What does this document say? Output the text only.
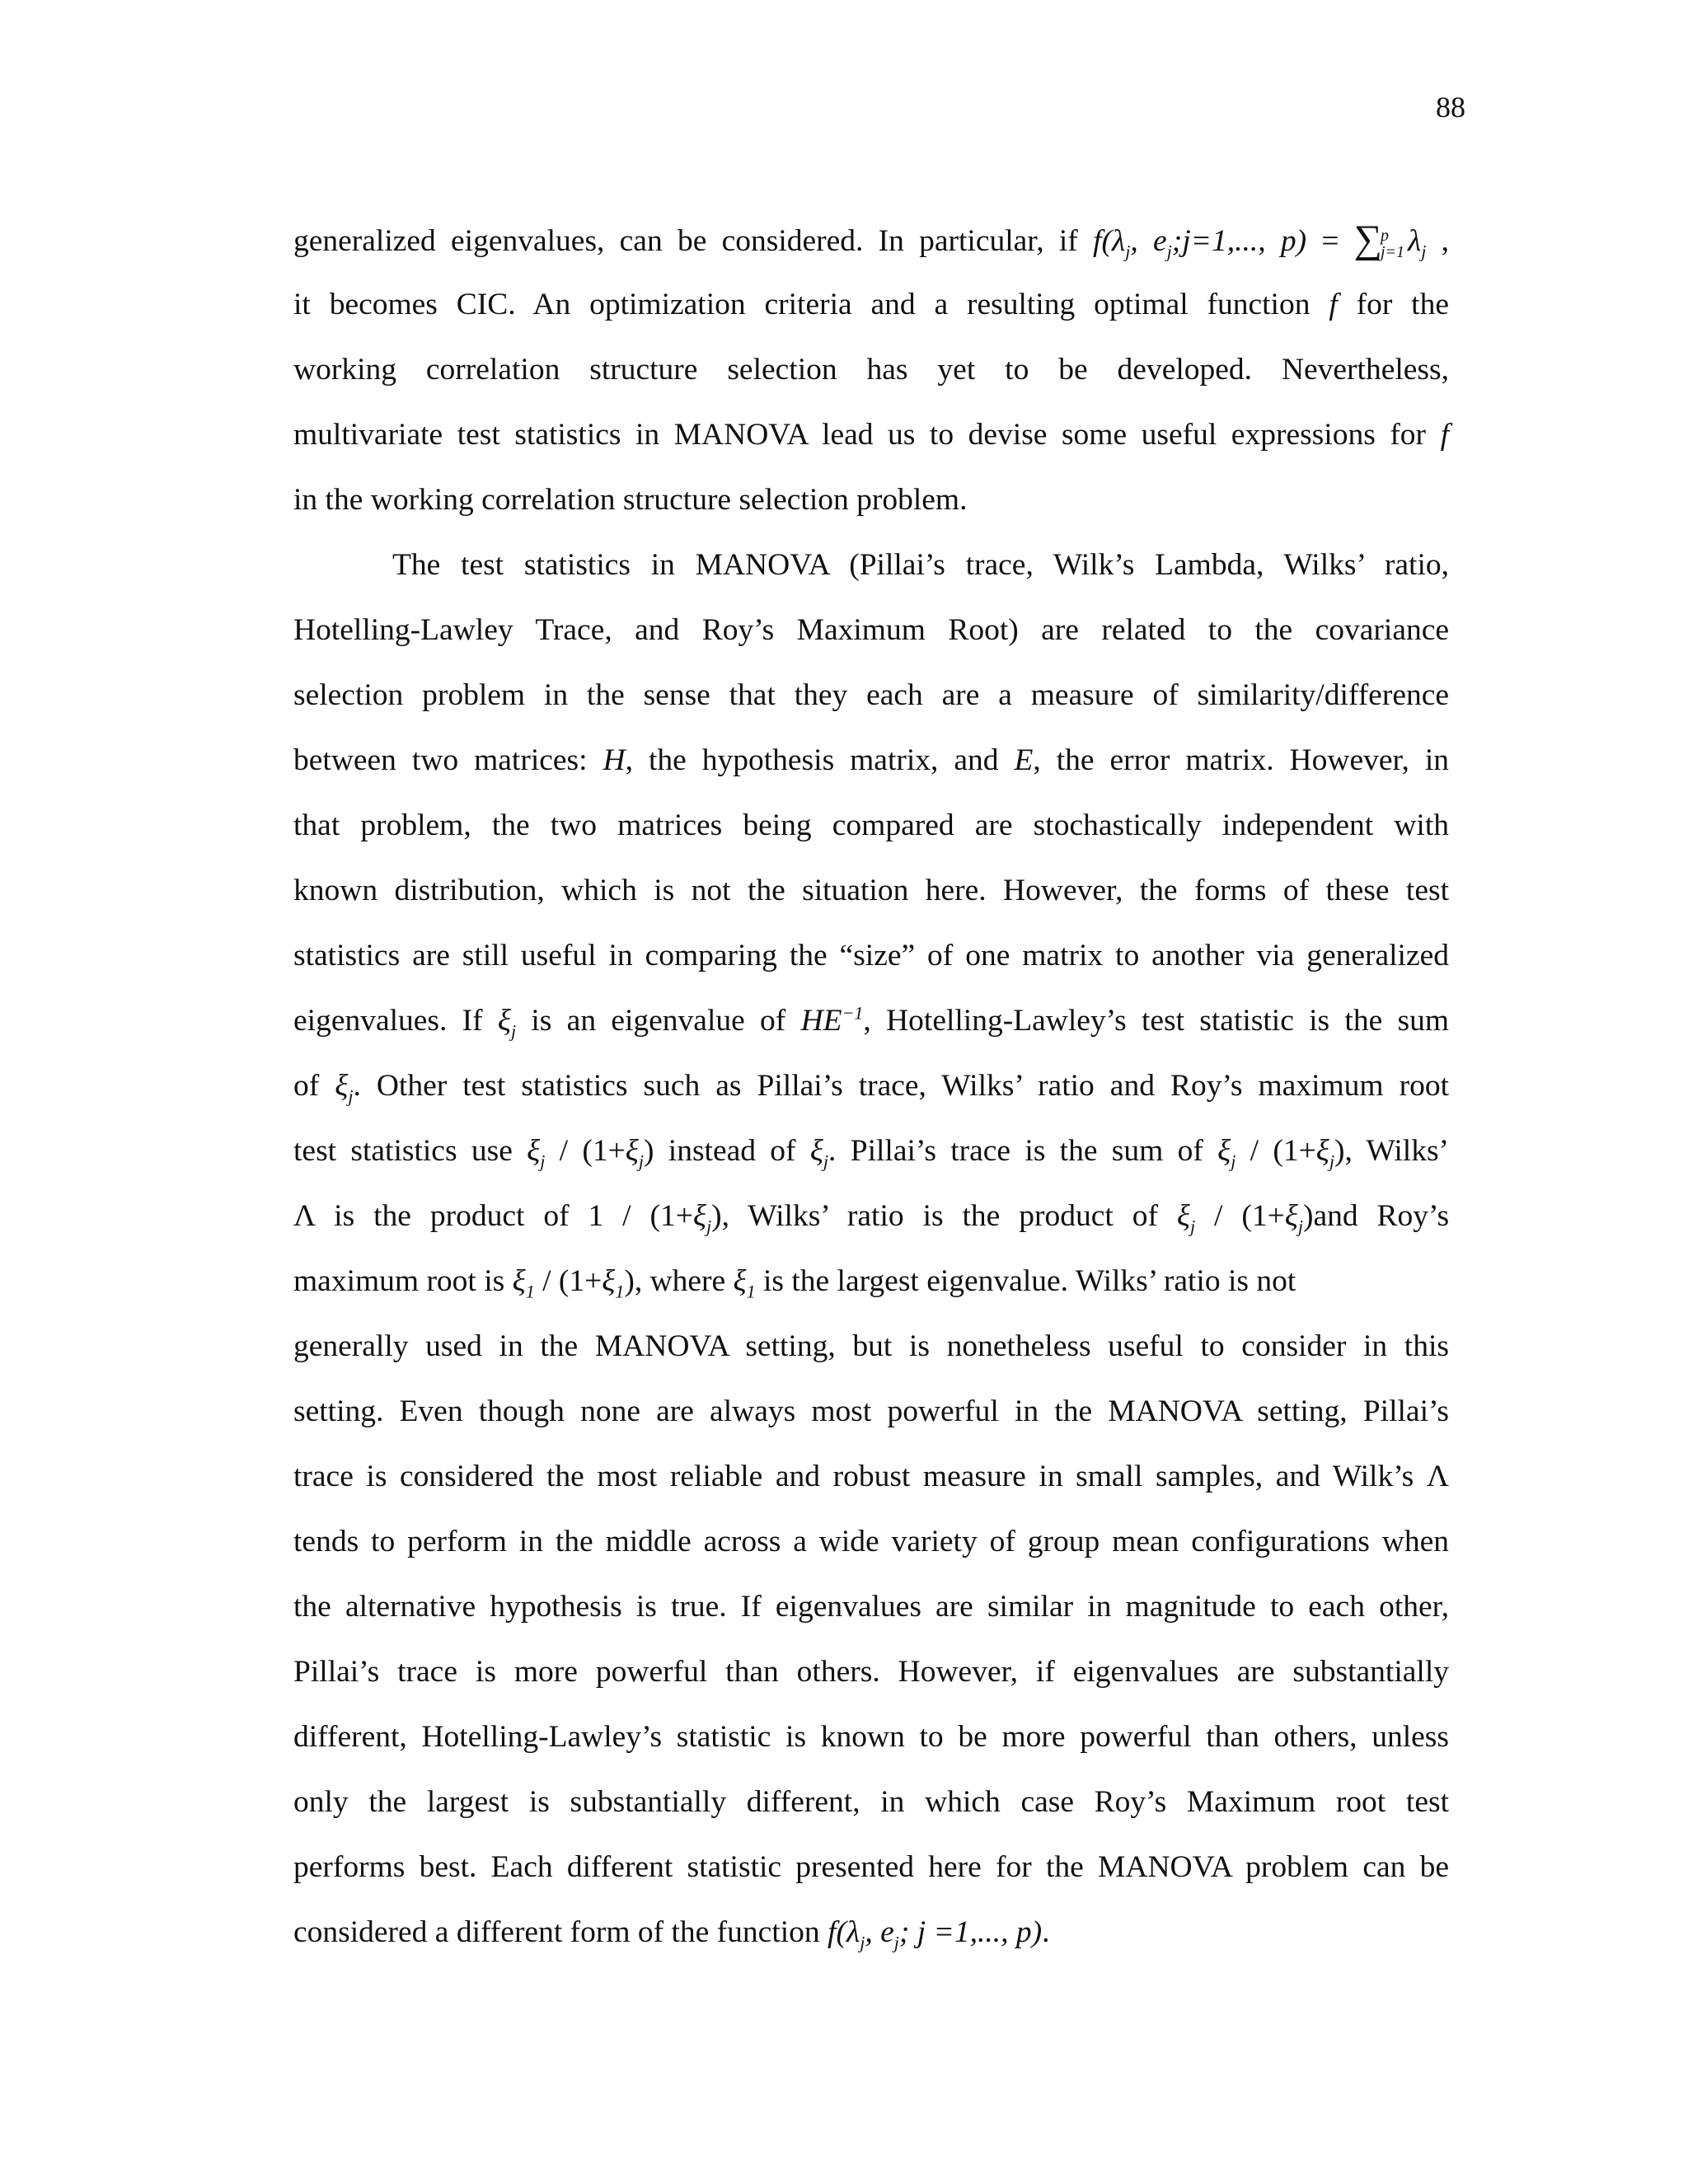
88
generalized eigenvalues, can be considered. In particular, if $f(\lambda_j$, $e_j;j=1$,..., p) = ∑
p
j=1 $\lambda_j$ ,
it becomes CIC. An optimization criteria and a resulting optimal function f for the
working correlation structure selection has yet to be developed. Nevertheless,
multivariate test statistics in MANOVA lead us to devise some useful expressions for f
in the working correlation structure selection problem.
The test statistics in MANOVA (Pillai’s trace, Wilk’s Lambda, Wilks’ ratio,
Hotelling-Lawley Trace, and Roy’s Maximum Root) are related to the covariance
selection problem in the sense that they each are a measure of similarity/difference
between two matrices: H, the hypothesis matrix, and E, the error matrix. However, in
that problem, the two matrices being compared are stochastically independent with
known distribution, which is not the situation here. However, the forms of these test
statistics are still useful in comparing the “size” of one matrix to another via generalized
eigenvalues. If $\xi_j$ is an eigenvalue of $HE^{-1}$, Hotelling-Lawley’s test statistic is the sum
of $\xi_j$. Other test statistics such as Pillai’s trace, Wilks’ ratio and Roy’s maximum root
test statistics use $\xi_j / (1+\xi_j)$ instead of $\xi_j$. Pillai’s trace is the sum of $\xi_j / (1+\xi_j)$, Wilks’
Λ is the product of $1 / (1+\xi_j)$, Wilks’ ratio is the product of $\xi_j / (1+\xi_j)and$ Roy’s
maximum root is $\xi_1 / (1+\xi_1)$, where $\xi_1$ is the largest eigenvalue. Wilks’ ratio is not
generally used in the MANOVA setting, but is nonetheless useful to consider in this
setting. Even though none are always most powerful in the MANOVA setting, Pillai’s
trace is considered the most reliable and robust measure in small samples, and Wilk’s Λ
tends to perform in the middle across a wide variety of group mean configurations when
the alternative hypothesis is true. If eigenvalues are similar in magnitude to each other,
Pillai’s trace is more powerful than others. However, if eigenvalues are substantially
different, Hotelling-Lawley’s statistic is known to be more powerful than others, unless
only the largest is substantially different, in which case Roy’s Maximum root test
performs best. Each different statistic presented here for the MANOVA problem can be
considered a different form of the function $f(\lambda_j$, $e_j$; j =1,..., p).
